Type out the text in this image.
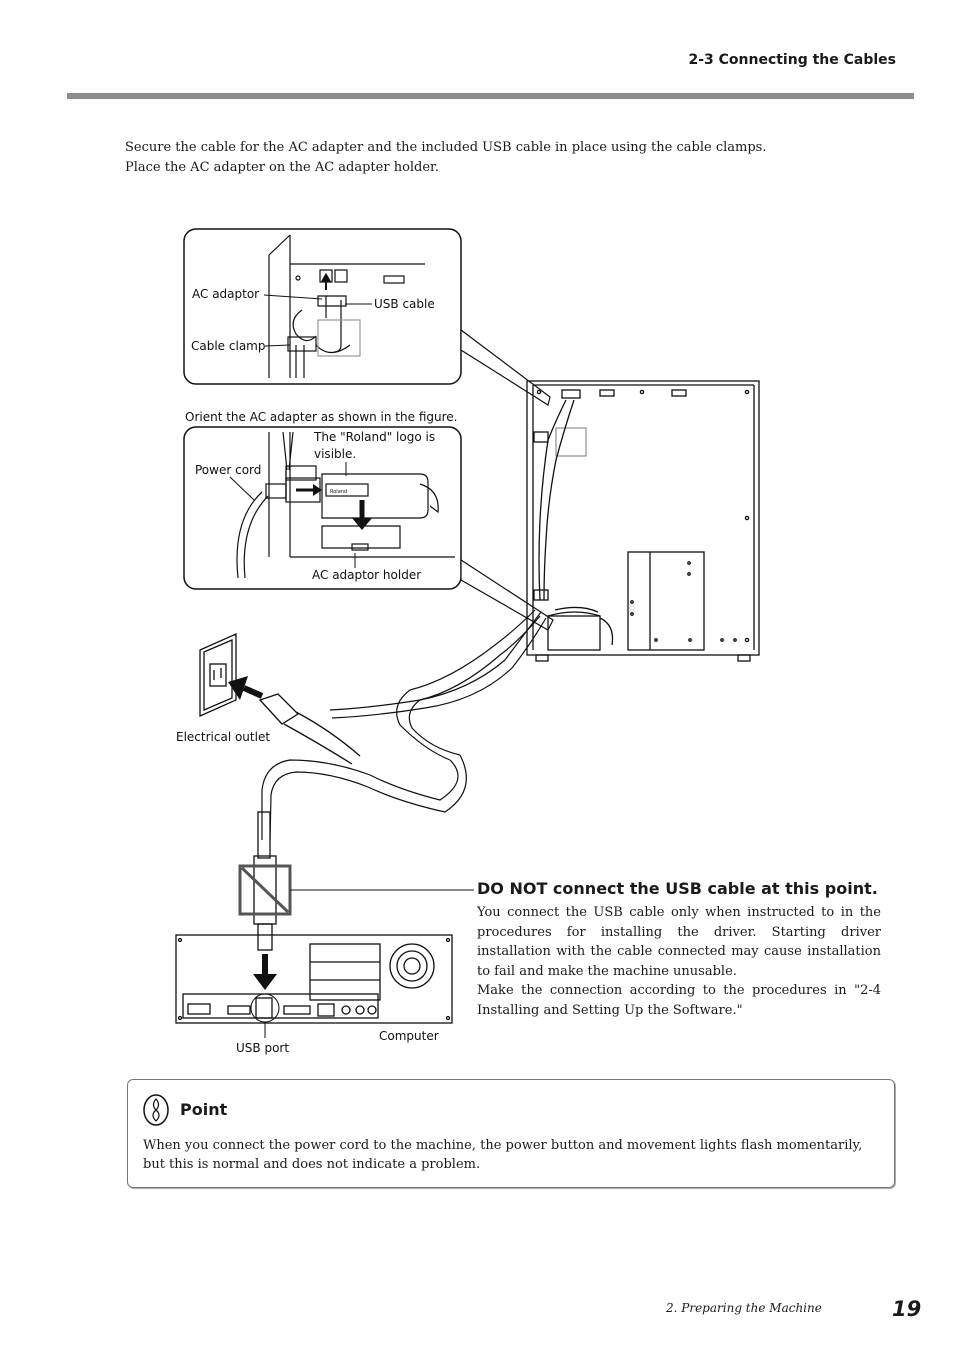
2-3 Connecting the Cables
Secure the cable for the AC adapter and the included USB cable in place using the cable clamps.
Place the AC adapter on the AC adapter holder.
AC adaptor
USB cable
Cable clamp
Orient the AC adapter as shown in the figure.
Roland
The "Roland" logo is
visible.
Power cord
AC adaptor holder
Electrical outlet
USB port
Computer
DO NOT connect the USB cable at this point.

You connect the USB cable only when instructed to in the procedures for installing the driver. Starting driver installation with the cable connected may cause installation to fail and make the machine unusable.

Make the connection according to the procedures in "2-4 Installing and Setting Up the Software."

Point
When you connect the power cord to the machine, the power button and movement lights flash momentarily, but this is normal and does not indicate a problem.
2. Preparing the Machine	19
